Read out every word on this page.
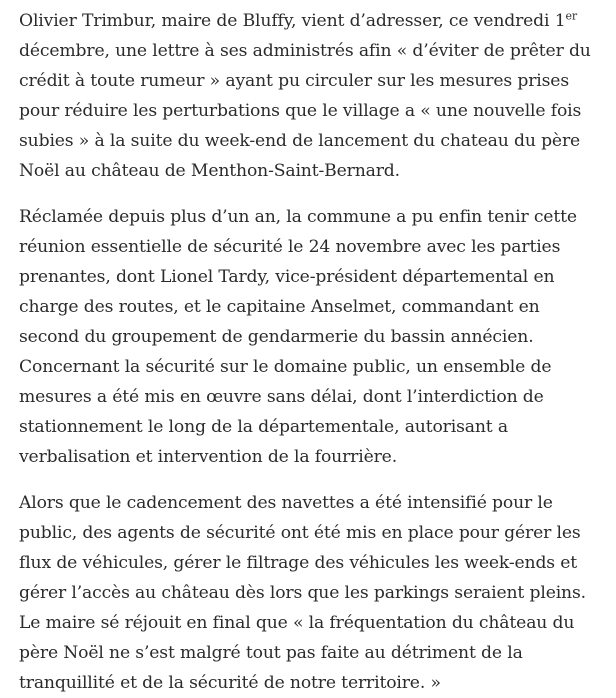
Olivier Trimbur, maire de Bluffy, vient d’adresser, ce vendredi 1er décembre, une lettre à ses administrés afin « d’éviter de prêter du crédit à toute rumeur » ayant pu circuler sur les mesures prises pour réduire les perturbations que le village a « une nouvelle fois subies » à la suite du week-end de lancement du chateau du père Noël au château de Menthon-Saint-Bernard.

Réclamée depuis plus d’un an, la commune a pu enfin tenir cette réunion essentielle de sécurité le 24 novembre avec les parties prenantes, dont Lionel Tardy, vice-président départemental en charge des routes, et le capitaine Anselmet, commandant en second du groupement de gendarmerie du bassin annécien. Concernant la sécurité sur le domaine public, un ensemble de mesures a été mis en œuvre sans délai, dont l’interdiction de stationnement le long de la départementale, autorisant a verbalisation et intervention de la fourrière.

Alors que le cadencement des navettes a été intensifié pour le public, des agents de sécurité ont été mis en place pour gérer les flux de véhicules, gérer le filtrage des véhicules les week-ends et gérer l’accès au château dès lors que les parkings seraient pleins. Le maire sé réjouit en final que « la fréquentation du château du père Noël ne s’est malgré tout pas faite au détriment de la tranquillité et de la sécurité de notre territoire. »
